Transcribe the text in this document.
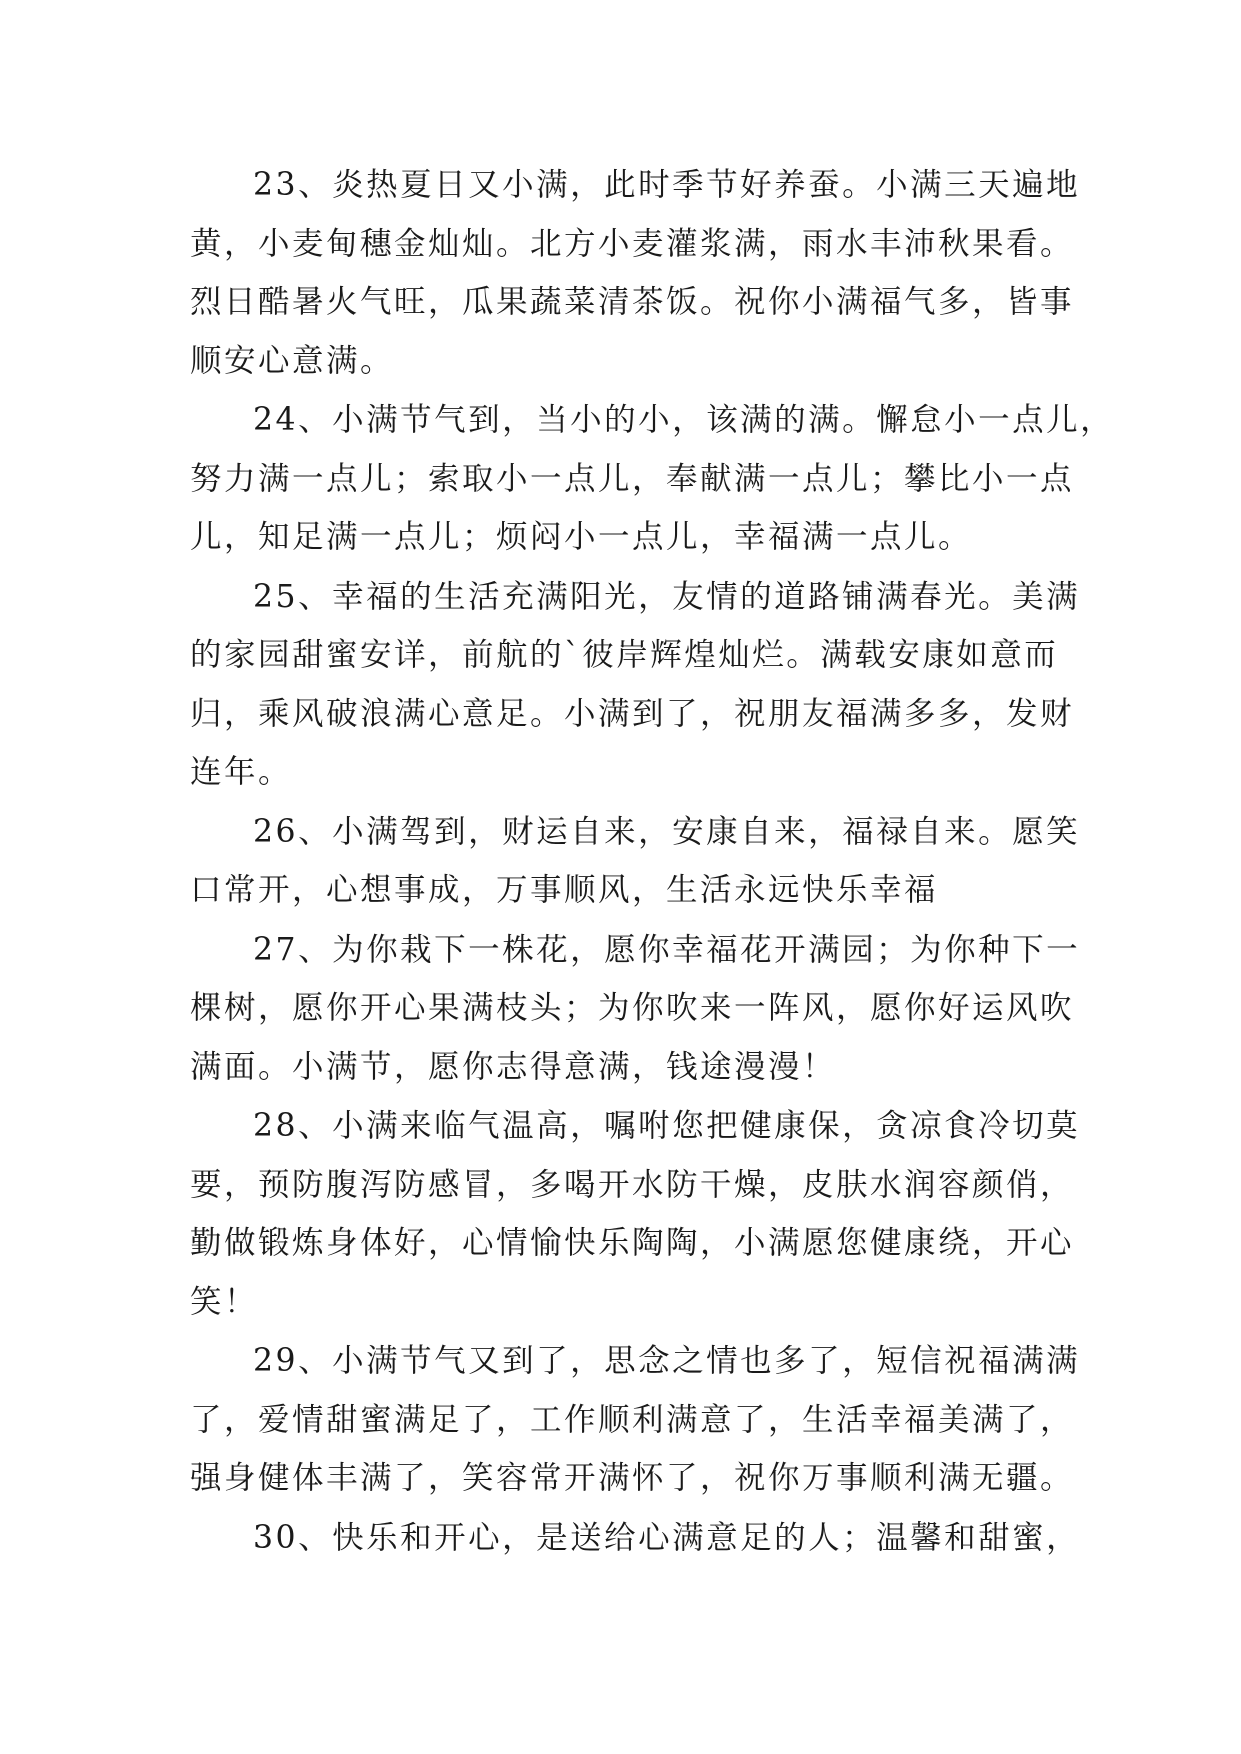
23、炎热夏日又小满，此时季节好养蚕。小满三天遍地
黄，小麦甸穗金灿灿。北方小麦灌浆满，雨水丰沛秋果看。
烈日酷暑火气旺，瓜果蔬菜清茶饭。祝你小满福气多，皆事
顺安心意满。
24、小满节气到，当小的小，该满的满。懈怠小一点儿，
努力满一点儿；索取小一点儿，奉献满一点儿；攀比小一点
儿，知足满一点儿；烦闷小一点儿，幸福满一点儿。
25、幸福的生活充满阳光，友情的道路铺满春光。美满
的家园甜蜜安详，前航的`彼岸辉煌灿烂。满载安康如意而
归，乘风破浪满心意足。小满到了，祝朋友福满多多，发财
连年。
26、小满驾到，财运自来，安康自来，福禄自来。愿笑
口常开，心想事成，万事顺风，生活永远快乐幸福
27、为你栽下一株花，愿你幸福花开满园；为你种下一
棵树，愿你开心果满枝头；为你吹来一阵风，愿你好运风吹
满面。小满节，愿你志得意满，钱途漫漫！
28、小满来临气温高，嘱咐您把健康保，贪凉食冷切莫
要，预防腹泻防感冒，多喝开水防干燥，皮肤水润容颜俏，
勤做锻炼身体好，心情愉快乐陶陶，小满愿您健康绕，开心
笑！
29、小满节气又到了，思念之情也多了，短信祝福满满
了，爱情甜蜜满足了，工作顺利满意了，生活幸福美满了，
强身健体丰满了，笑容常开满怀了，祝你万事顺利满无疆。
30、快乐和开心，是送给心满意足的人；温馨和甜蜜，
